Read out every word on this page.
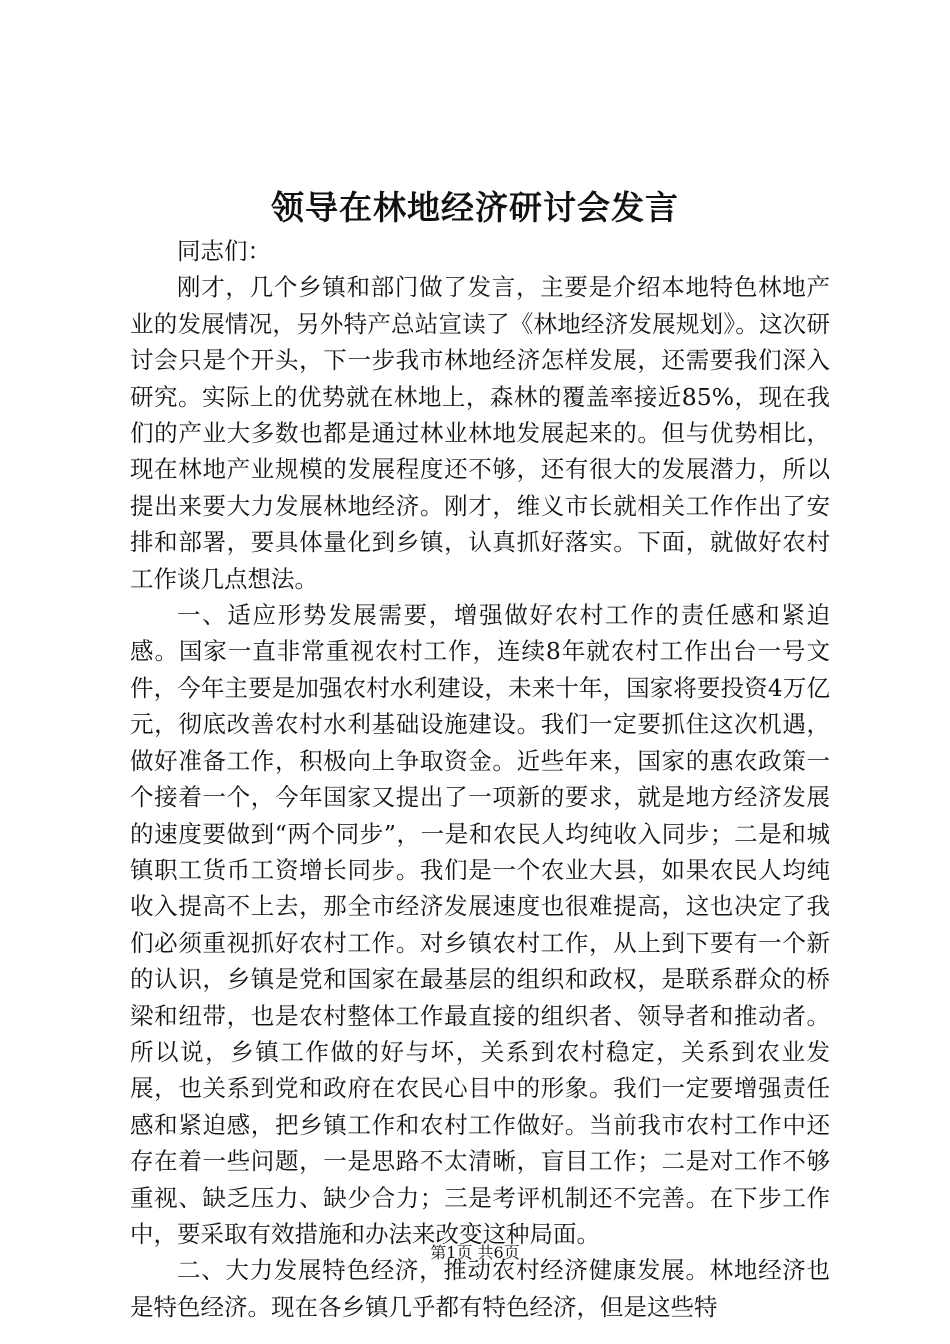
领导在林地经济研讨会发言

同志们：

刚才，几个乡镇和部门做了发言，主要是介绍本地特色林地产业的发展情况，另外特产总站宣读了《林地经济发展规划》。这次研讨会只是个开头，下一步我市林地经济怎样发展，还需要我们深入研究。实际上的优势就在林地上，森林的覆盖率接近85%，现在我们的产业大多数也都是通过林业林地发展起来的。但与优势相比，现在林地产业规模的发展程度还不够，还有很大的发展潜力，所以提出来要大力发展林地经济。刚才，维义市长就相关工作作出了安排和部署，要具体量化到乡镇，认真抓好落实。下面，就做好农村工作谈几点想法。

一、适应形势发展需要，增强做好农村工作的责任感和紧迫感。国家一直非常重视农村工作，连续8年就农村工作出台一号文件，今年主要是加强农村水利建设，未来十年，国家将要投资4万亿元，彻底改善农村水利基础设施建设。我们一定要抓住这次机遇，做好准备工作，积极向上争取资金。近些年来，国家的惠农政策一个接着一个，今年国家又提出了一项新的要求，就是地方经济发展的速度要做到“两个同步”，一是和农民人均纯收入同步；二是和城镇职工货币工资增长同步。我们是一个农业大县，如果农民人均纯收入提高不上去，那全市经济发展速度也很难提高，这也决定了我们必须重视抓好农村工作。对乡镇农村工作，从上到下要有一个新的认识，乡镇是党和国家在最基层的组织和政权，是联系群众的桥梁和纽带，也是农村整体工作最直接的组织者、领导者和推动者。所以说，乡镇工作做的好与坏，关系到农村稳定，关系到农业发展，也关系到党和政府在农民心目中的形象。我们一定要增强责任感和紧迫感，把乡镇工作和农村工作做好。当前我市农村工作中还存在着一些问题，一是思路不太清晰，盲目工作；二是对工作不够重视、缺乏压力、缺少合力；三是考评机制还不完善。在下步工作中，要采取有效措施和办法来改变这种局面。

二、大力发展特色经济，推动农村经济健康发展。林地经济也是特色经济。现在各乡镇几乎都有特色经济，但是这些特

第1页 共6页
